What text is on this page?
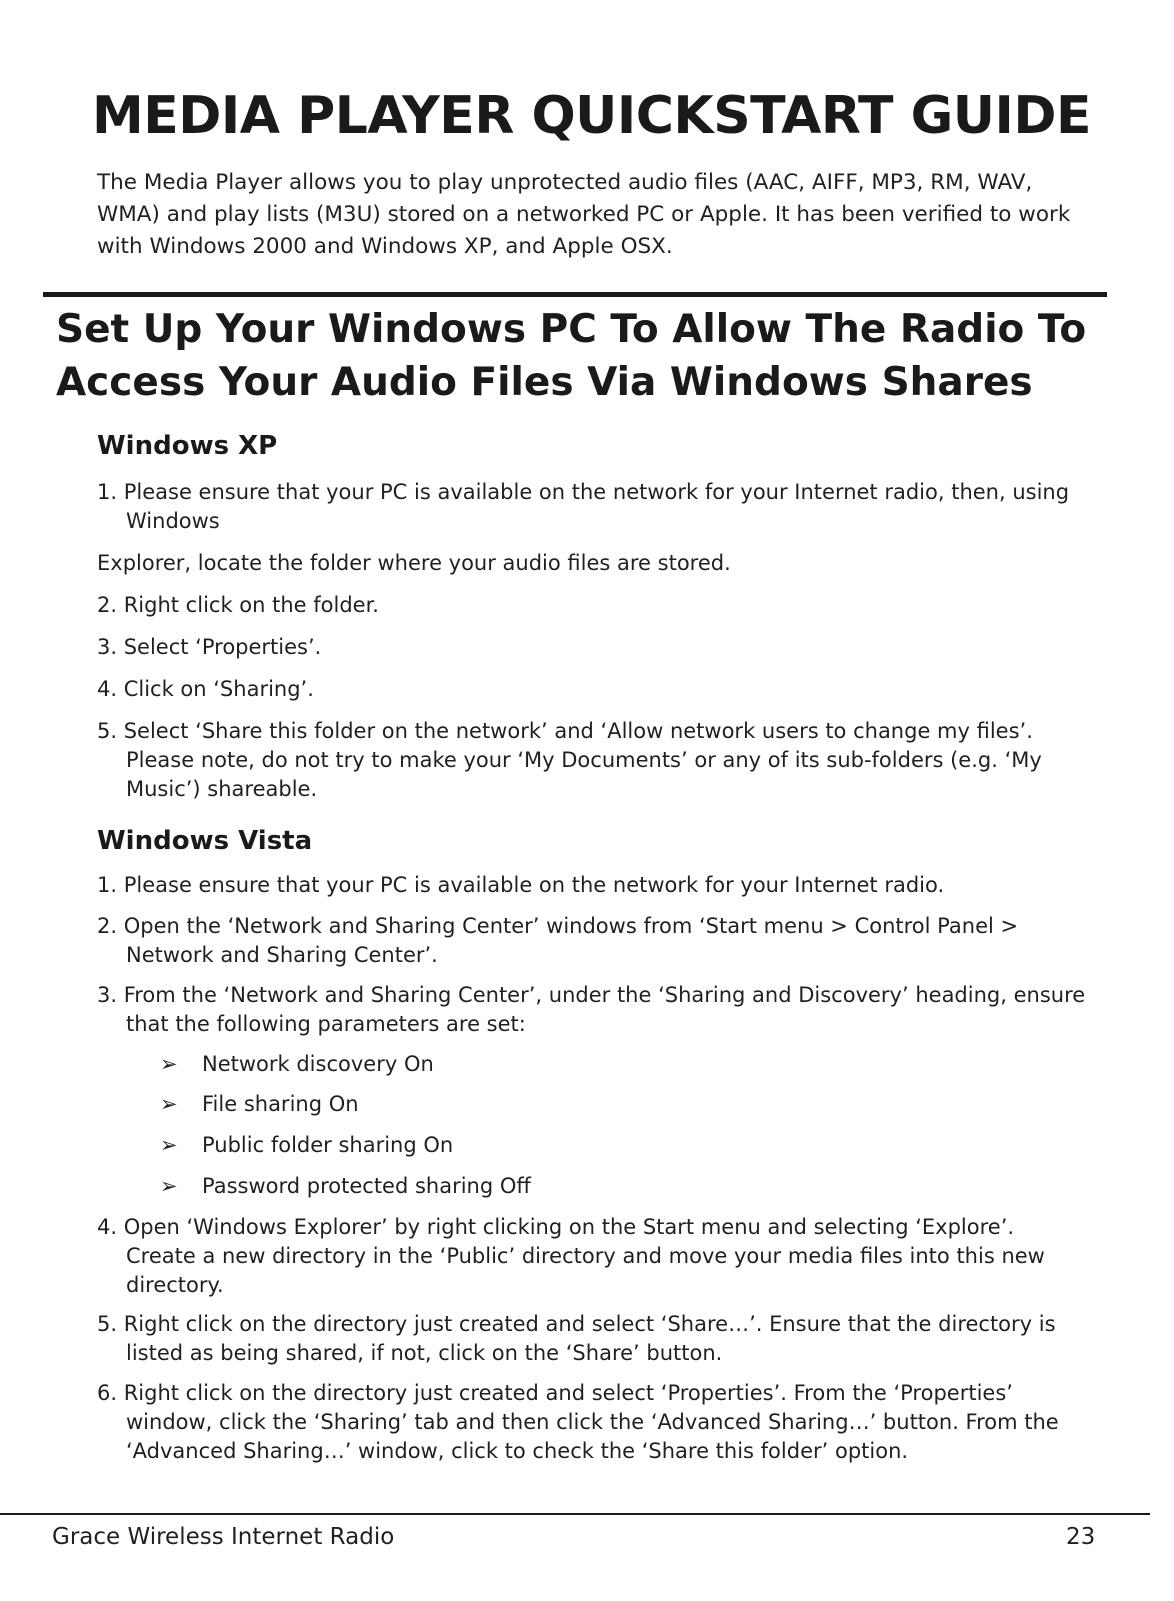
MEDIA PLAYER QUICKSTART GUIDE

The Media Player allows you to play unprotected audio files (AAC, AIFF, MP3, RM, WAV, WMA) and play lists (M3U) stored on a networked PC or Apple. It has been verified to work with Windows 2000 and Windows XP, and Apple OSX.

Set Up Your Windows PC To Allow The Radio To Access Your Audio Files Via Windows Shares
Windows XP

1. Please ensure that your PC is available on the network for your Internet radio, then, using Windows

Explorer, locate the folder where your audio files are stored.

2. Right click on the folder.

3. Select ‘Properties’.

4. Click on ‘Sharing’.

5. Select ‘Share this folder on the network’ and ‘Allow network users to change my files’. Please note, do not try to make your ‘My Documents’ or any of its sub-folders (e.g. ‘My Music’) shareable.

Windows Vista

1. Please ensure that your PC is available on the network for your Internet radio.

2. Open the ‘Network and Sharing Center’ windows from ‘Start menu > Control Panel > Network and Sharing Center’.

3. From the ‘Network and Sharing Center’, under the ‘Sharing and Discovery’ heading, ensure that the following parameters are set:

➢ Network discovery On

➢ File sharing On

➢ Public folder sharing On

➢ Password protected sharing Off

4. Open ‘Windows Explorer’ by right clicking on the Start menu and selecting ‘Explore’. Create a new directory in the ‘Public’ directory and move your media files into this new directory.

5. Right click on the directory just created and select ‘Share…’. Ensure that the directory is listed as being shared, if not, click on the ‘Share’ button.

6. Right click on the directory just created and select ‘Properties’. From the ‘Properties’ window, click the ‘Sharing’ tab and then click the ‘Advanced Sharing…’ button. From the ‘Advanced Sharing…’ window, click to check the ‘Share this folder’ option.

Grace Wireless Internet Radio	23
